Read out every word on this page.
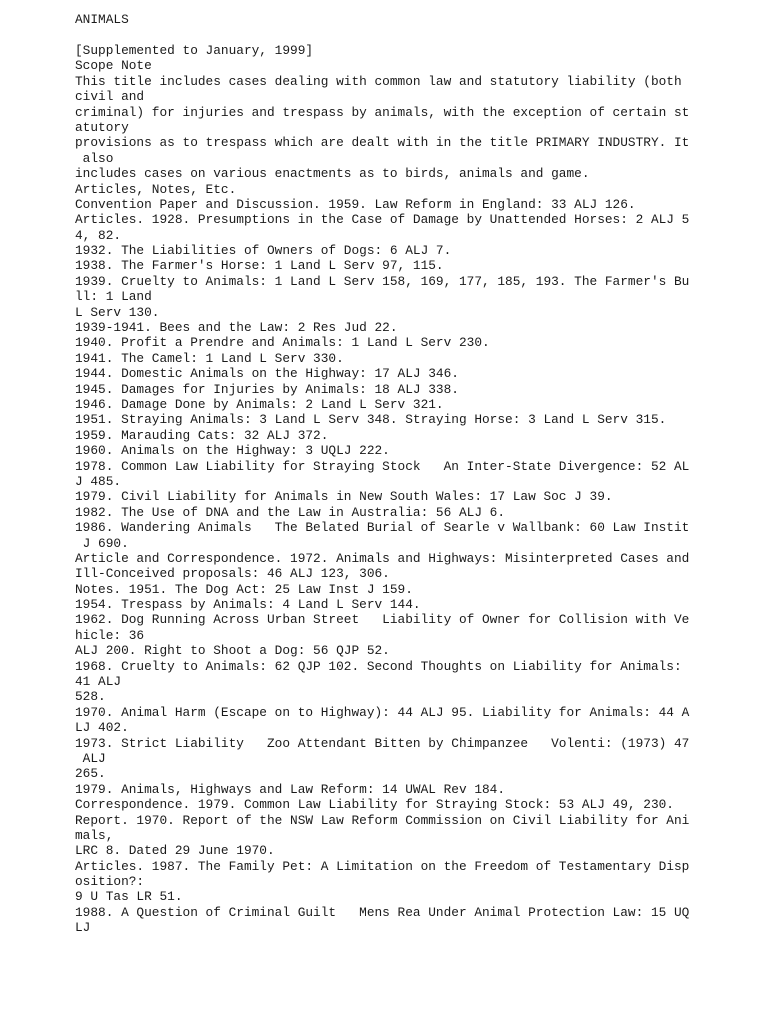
ANIMALS
[Supplemented to January, 1999]
Scope Note
This title includes cases dealing with common law and statutory liability (both
civil and
criminal) for injuries and trespass by animals, with the exception of certain st
atutory
provisions as to trespass which are dealt with in the title PRIMARY INDUSTRY. It
also
includes cases on various enactments as to birds, animals and game.
Articles, Notes, Etc.
Convention Paper and Discussion. 1959. Law Reform in England: 33 ALJ 126.
Articles. 1928. Presumptions in the Case of Damage by Unattended Horses: 2 ALJ 5
4, 82.
1932. The Liabilities of Owners of Dogs: 6 ALJ 7.
1938. The Farmer's Horse: 1 Land L Serv 97, 115.
1939. Cruelty to Animals: 1 Land L Serv 158, 169, 177, 185, 193. The Farmer's Bu
ll: 1 Land
L Serv 130.
1939-1941. Bees and the Law: 2 Res Jud 22.
1940. Profit a Prendre and Animals: 1 Land L Serv 230.
1941. The Camel: 1 Land L Serv 330.
1944. Domestic Animals on the Highway: 17 ALJ 346.
1945. Damages for Injuries by Animals: 18 ALJ 338.
1946. Damage Done by Animals: 2 Land L Serv 321.
1951. Straying Animals: 3 Land L Serv 348. Straying Horse: 3 Land L Serv 315.
1959. Marauding Cats: 32 ALJ 372.
1960. Animals on the Highway: 3 UQLJ 222.
1978. Common Law Liability for Straying Stock   An Inter-State Divergence: 52 AL
J 485.
1979. Civil Liability for Animals in New South Wales: 17 Law Soc J 39.
1982. The Use of DNA and the Law in Australia: 56 ALJ 6.
1986. Wandering Animals   The Belated Burial of Searle v Wallbank: 60 Law Instit
J 690.
Article and Correspondence. 1972. Animals and Highways: Misinterpreted Cases and
Ill-Conceived proposals: 46 ALJ 123, 306.
Notes. 1951. The Dog Act: 25 Law Inst J 159.
1954. Trespass by Animals: 4 Land L Serv 144.
1962. Dog Running Across Urban Street   Liability of Owner for Collision with Ve
hicle: 36
ALJ 200. Right to Shoot a Dog: 56 QJP 52.
1968. Cruelty to Animals: 62 QJP 102. Second Thoughts on Liability for Animals:
41 ALJ
528.
1970. Animal Harm (Escape on to Highway): 44 ALJ 95. Liability for Animals: 44 A
LJ 402.
1973. Strict Liability   Zoo Attendant Bitten by Chimpanzee   Volenti: (1973) 47
ALJ
265.
1979. Animals, Highways and Law Reform: 14 UWAL Rev 184.
Correspondence. 1979. Common Law Liability for Straying Stock: 53 ALJ 49, 230.
Report. 1970. Report of the NSW Law Reform Commission on Civil Liability for Ani
mals,
LRC 8. Dated 29 June 1970.
Articles. 1987. The Family Pet: A Limitation on the Freedom of Testamentary Disp
osition?:
9 U Tas LR 51.
1988. A Question of Criminal Guilt   Mens Rea Under Animal Protection Law: 15 UQ
LJ
